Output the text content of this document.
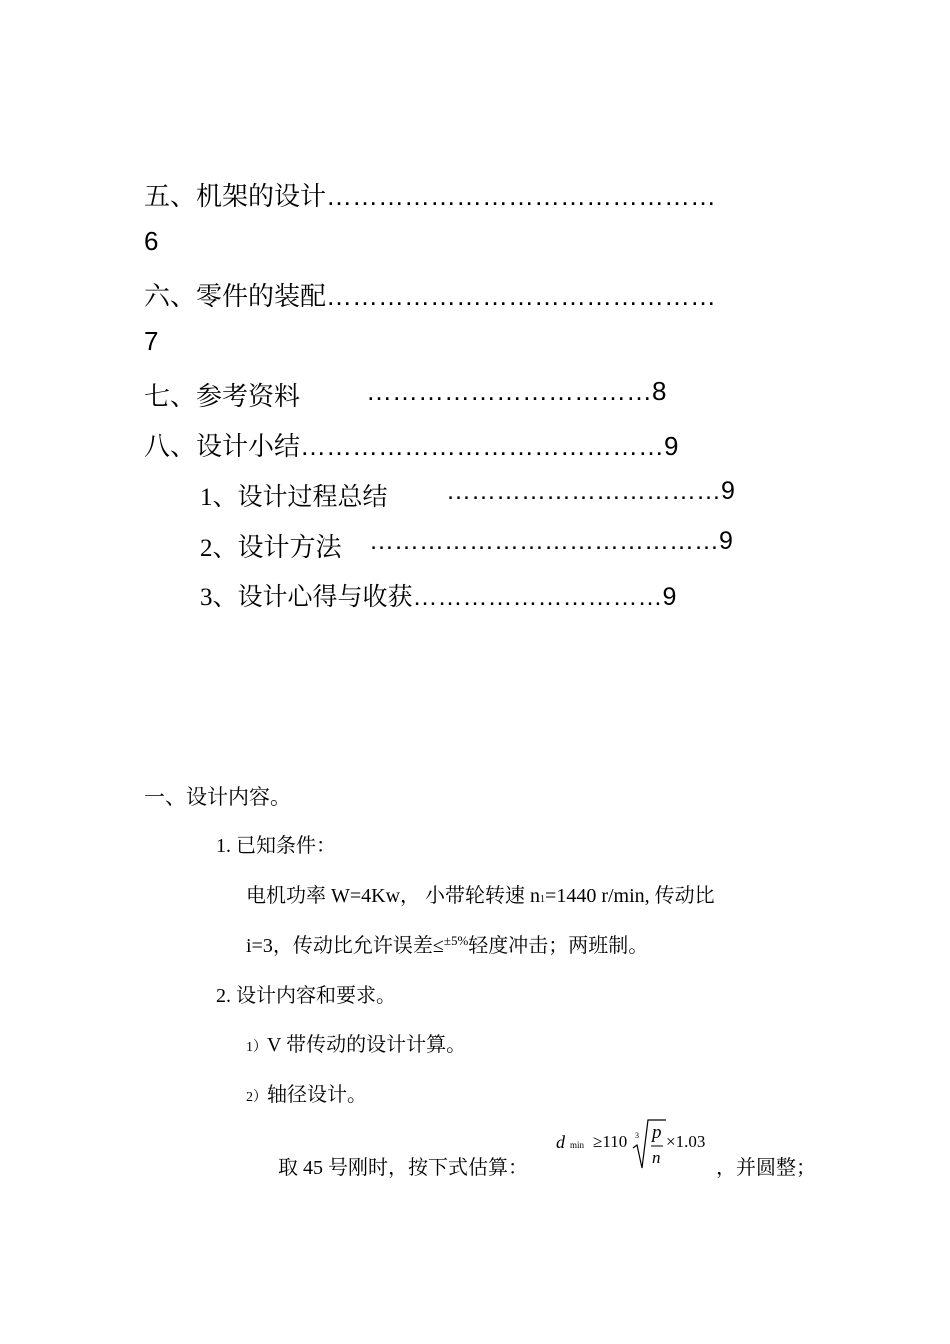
五、机架的设计………………………………………
6
六、零件的装配………………………………………
7
七、参考资料	……………………………8
八、设计小结……………………………………9
1、设计过程总结 ……………………………9
2、设计方法 ……………………………………9
3、设计心得与收获…………………………9
一、设计内容。
1. 已知条件：
电机功率 W=4Kw， 小带轮转速 n1=1440 r/min, 传动比
i=3，传动比允许误差≤$^{\pm 5\%}$轻度冲击；两班制。
2. 设计内容和要求。
1）V 带传动的设计计算。
2）轴径设计。
取 45 号刚时，按下式估算：
d min ≥110 3 p
n
×1.03
，并圆整；
